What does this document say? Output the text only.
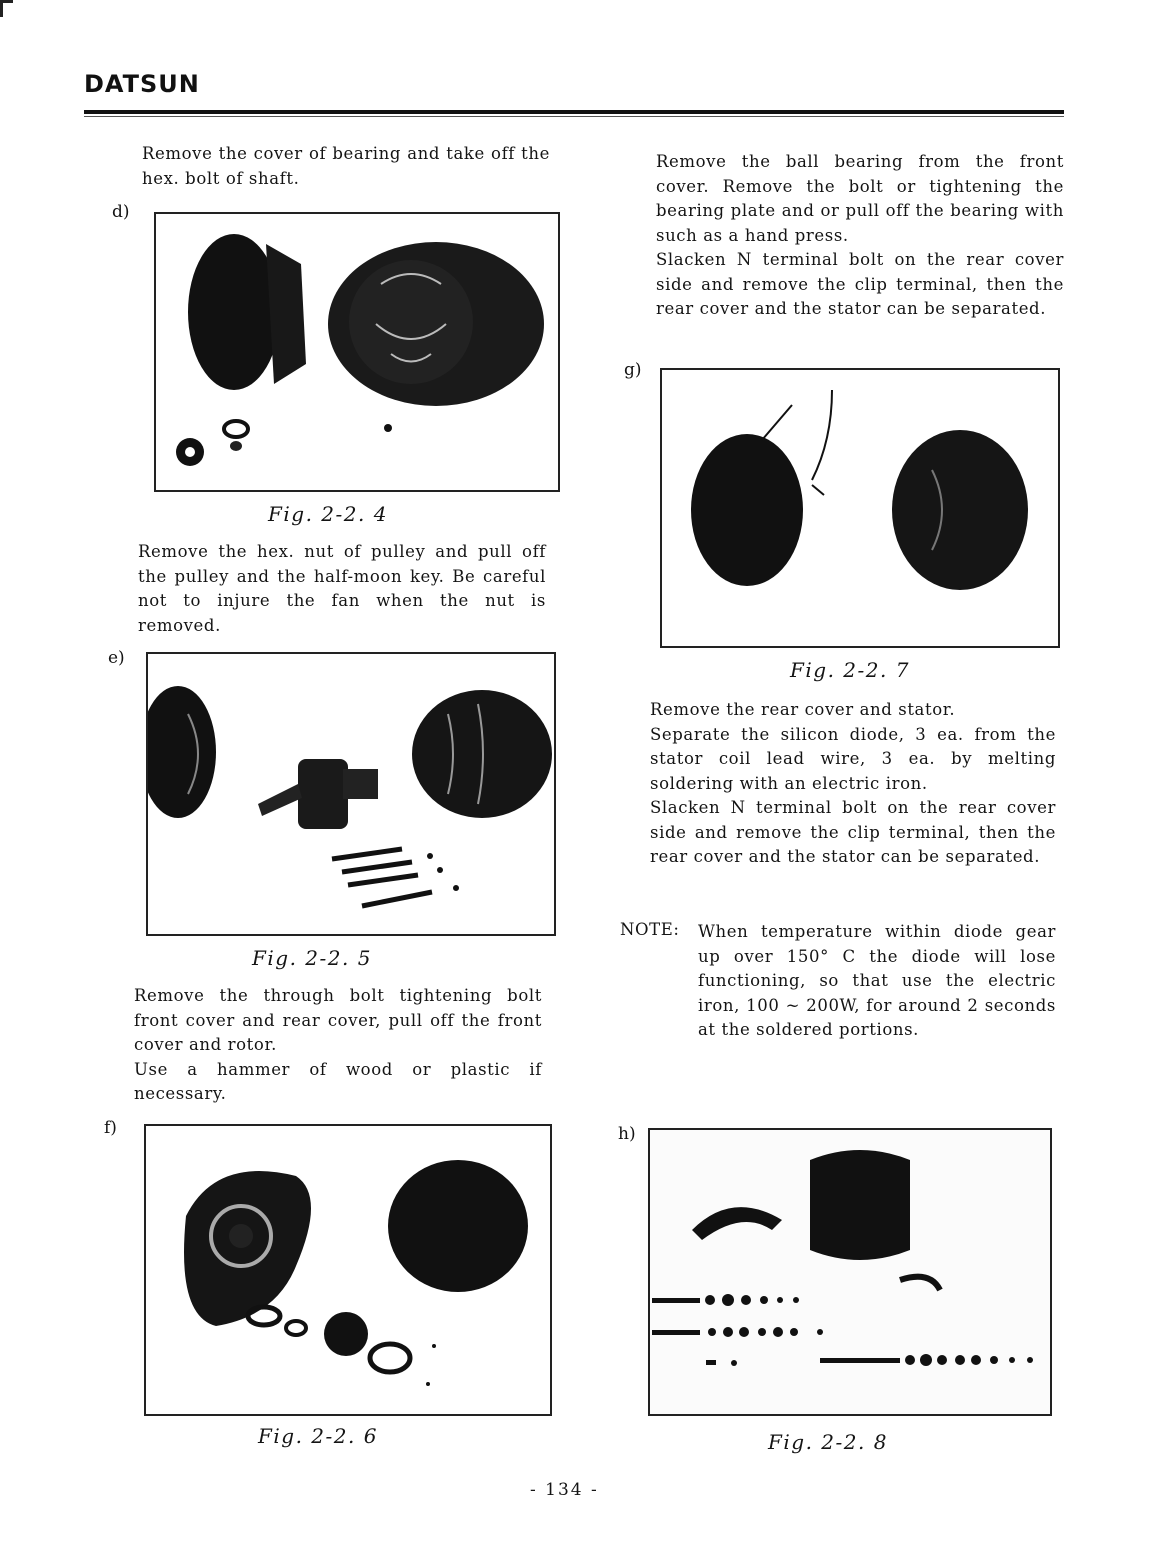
DATSUN

Remove the cover of bearing and take off the hex. bolt of shaft.

d)
Fig. 2-2. 4

Remove the hex. nut of pulley and pull off the pulley and the half-moon key. Be careful not to injure the fan when the nut is removed.

e)
Fig. 2-2. 5

Remove the through bolt tightening bolt front cover and rear cover, pull off the front cover and rotor.

Use a hammer of wood or plastic if necessary.

f)
Fig. 2-2. 6

Remove the ball bearing from the front cover. Remove the bolt or tightening the bearing plate and or pull off the bearing with such as a hand press.

Slacken N terminal bolt on the rear cover side and remove the clip terminal, then the rear cover and the stator can be separated.

g)
Fig. 2-2. 7

Remove the rear cover and stator.

Separate the silicon diode, 3 ea. from the stator coil lead wire, 3 ea. by melting soldering with an electric iron.

Slacken N terminal bolt on the rear cover side and remove the clip terminal, then the rear cover and the stator can be separated.

NOTE: When temperature within diode gear up over 150° C the diode will lose functioning, so that use the electric iron, 100 ~ 200W, for around 2 seconds at the soldered portions.

h)
Fig. 2-2. 8
- 134 -
